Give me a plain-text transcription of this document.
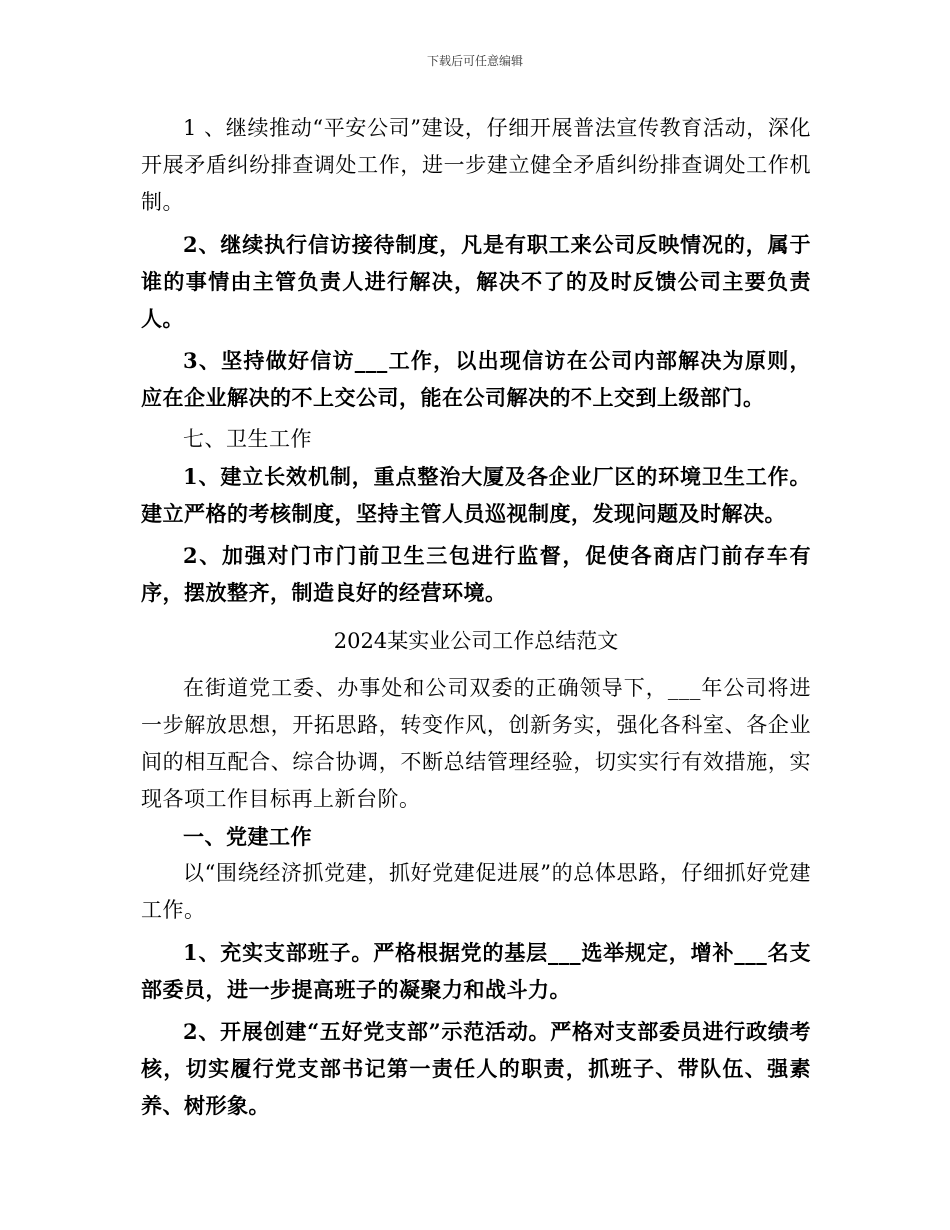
下载后可任意编辑

1 、继续推动“平安公司”建设，仔细开展普法宣传教育活动，深化开展矛盾纠纷排查调处工作，进一步建立健全矛盾纠纷排查调处工作机制。

2、继续执行信访接待制度，凡是有职工来公司反映情况的，属于谁的事情由主管负责人进行解决，解决不了的及时反馈公司主要负责人。

3、坚持做好信访___工作，以出现信访在公司内部解决为原则，应在企业解决的不上交公司，能在公司解决的不上交到上级部门。

七、卫生工作

1、建立长效机制，重点整治大厦及各企业厂区的环境卫生工作。建立严格的考核制度，坚持主管人员巡视制度，发现问题及时解决。

2、加强对门市门前卫生三包进行监督，促使各商店门前存车有序，摆放整齐，制造良好的经营环境。

2024某实业公司工作总结范文

在街道党工委、办事处和公司双委的正确领导下，___年公司将进一步解放思想，开拓思路，转变作风，创新务实，强化各科室、各企业间的相互配合、综合协调，不断总结管理经验，切实实行有效措施，实现各项工作目标再上新台阶。

一、党建工作

以“围绕经济抓党建，抓好党建促进展”的总体思路，仔细抓好党建工作。

1、充实支部班子。严格根据党的基层___选举规定，增补___名支部委员，进一步提高班子的凝聚力和战斗力。

2、开展创建“五好党支部”示范活动。严格对支部委员进行政绩考核，切实履行党支部书记第一责任人的职责，抓班子、带队伍、强素养、树形象。
